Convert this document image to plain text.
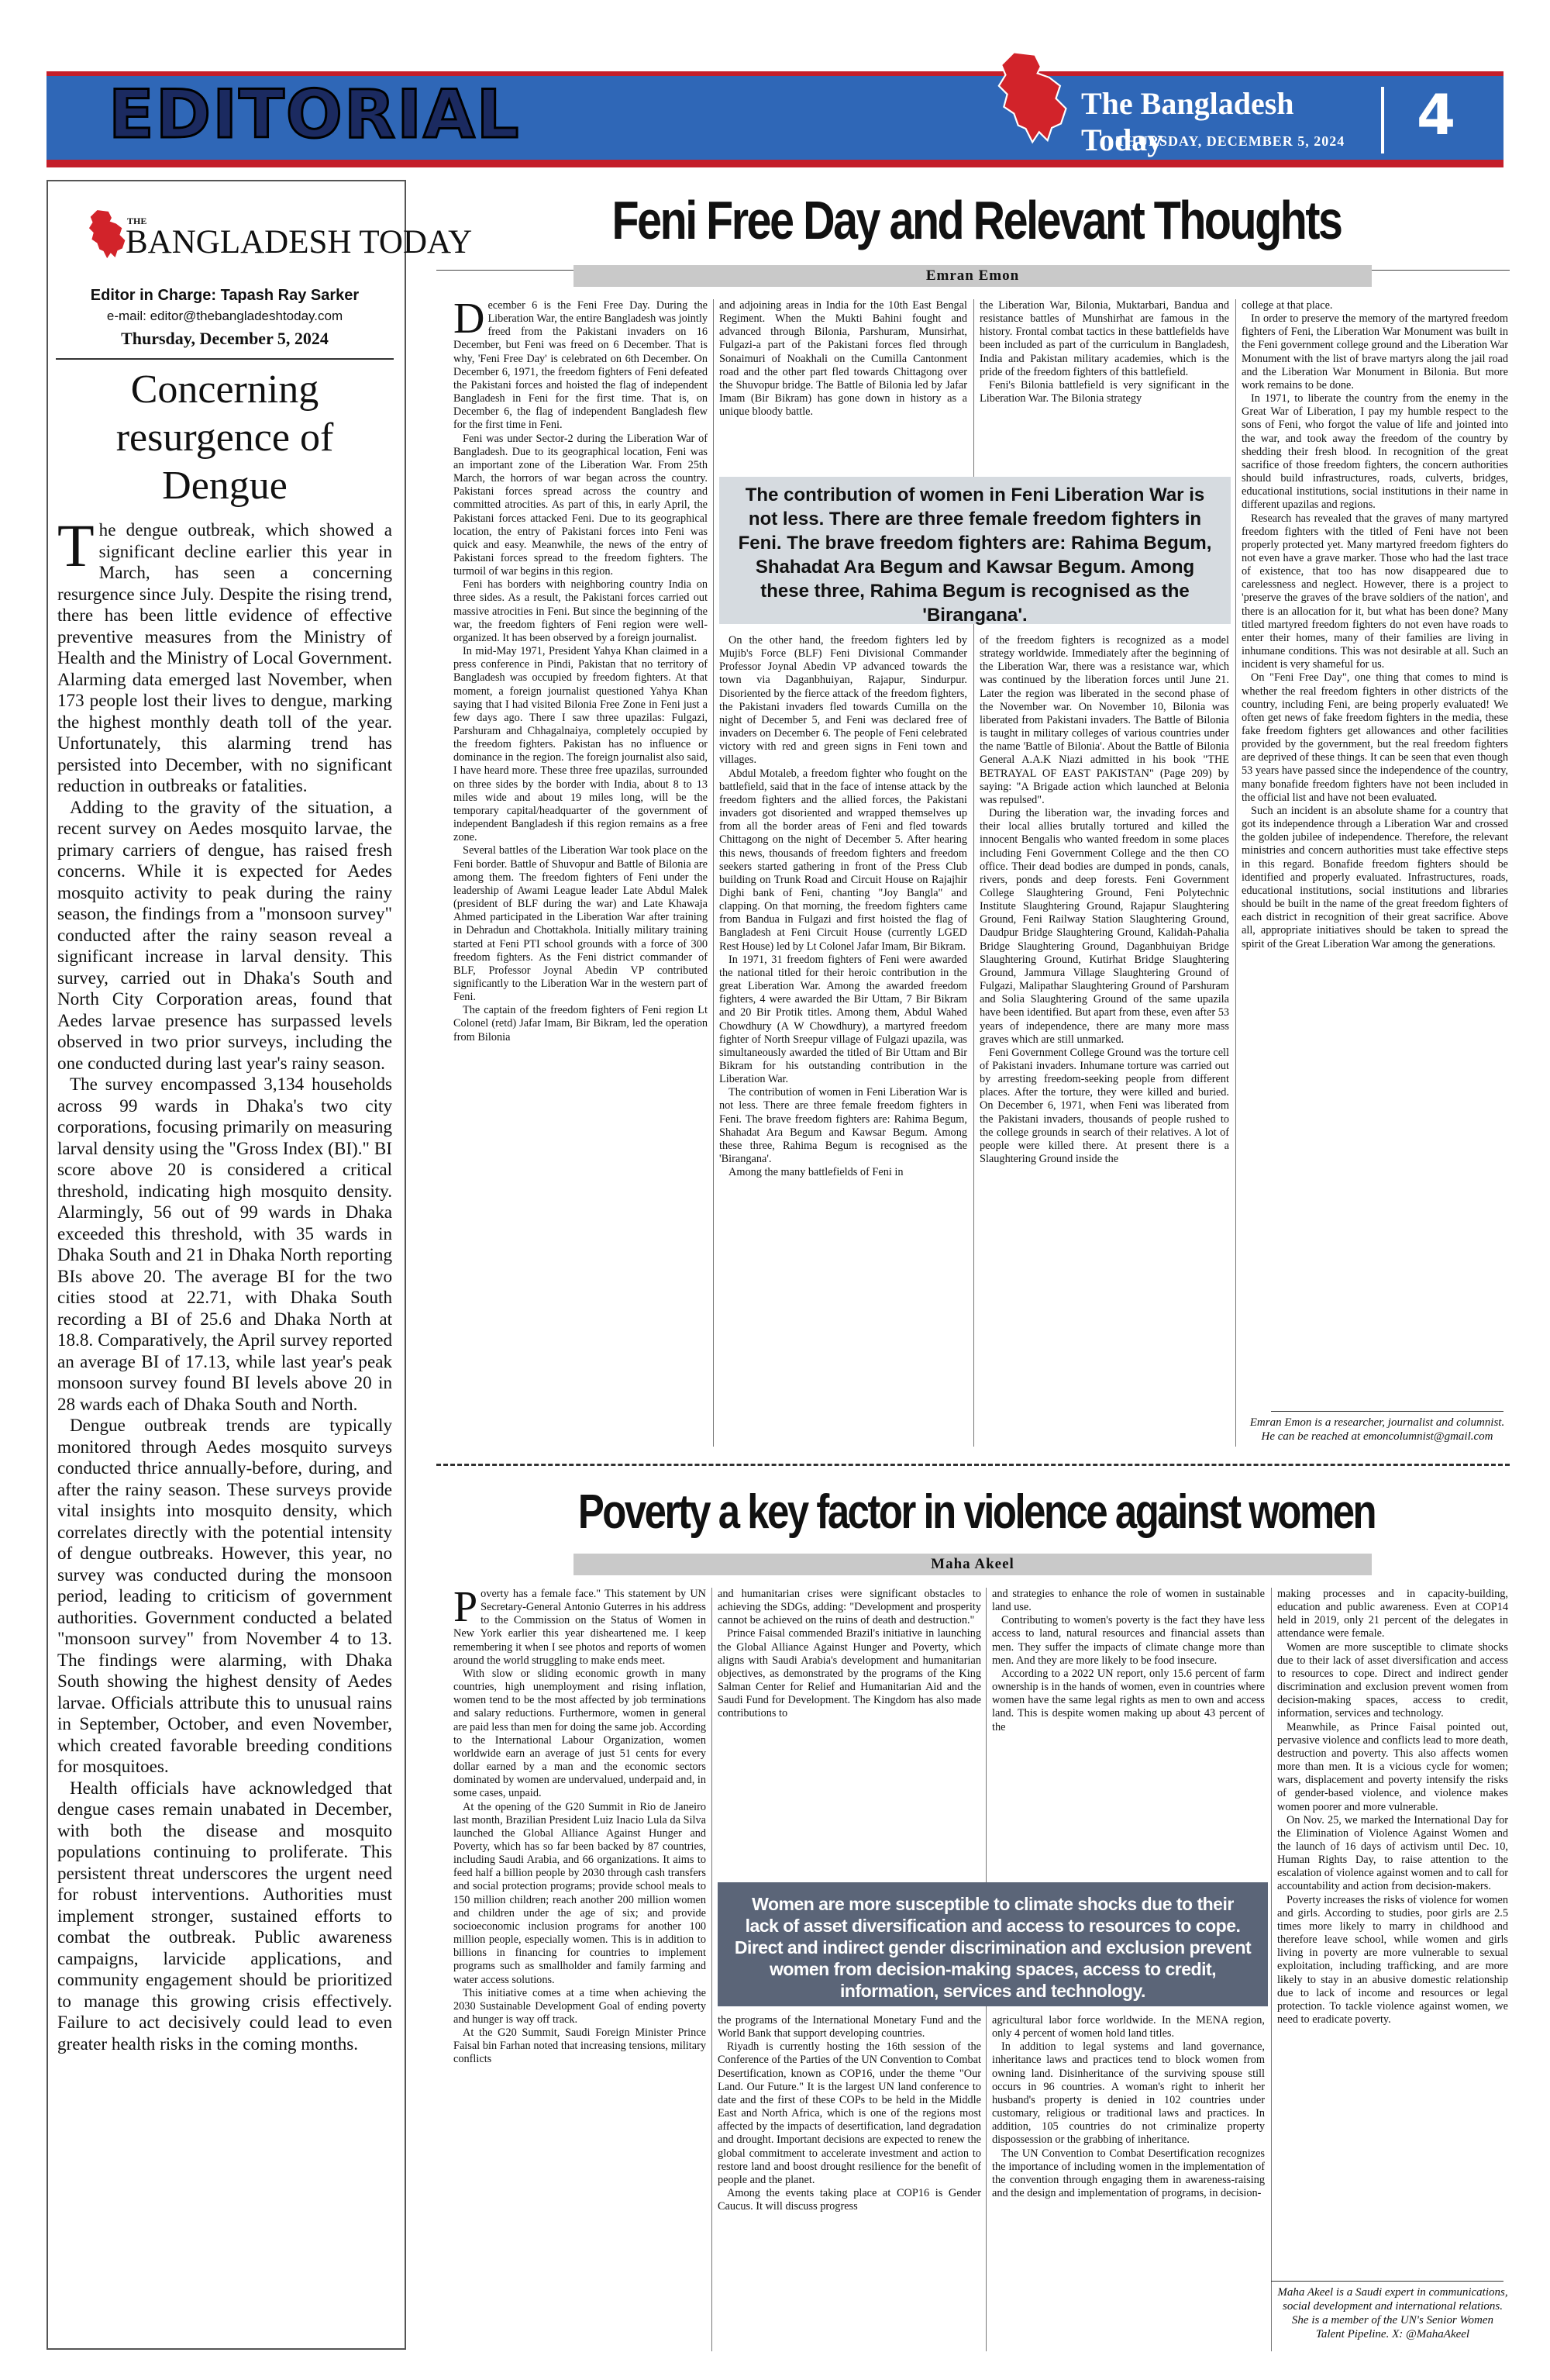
EDITORIAL	The Bangladesh Today
THURSDAY, DECEMBER 5, 2024 4
THE
BANGLADESH TODAY
Editor in Charge: Tapash Ray Sarker
e-mail: editor@thebangladeshtoday.com
Thursday, December 5, 2024
Concerning resurgence of Dengue

The dengue outbreak, which showed a significant decline earlier this year in March, has seen a concerning resurgence since July. Despite the rising trend, there has been little evidence of effective preventive measures from the Ministry of Health and the Ministry of Local Government. Alarming data emerged last November, when 173 people lost their lives to dengue, marking the highest monthly death toll of the year. Unfortunately, this alarming trend has persisted into December, with no significant reduction in outbreaks or fatalities.

Adding to the gravity of the situation, a recent survey on Aedes mosquito larvae, the primary carriers of dengue, has raised fresh concerns. While it is expected for Aedes mosquito activity to peak during the rainy season, the findings from a "monsoon survey" conducted after the rainy season reveal a significant increase in larval density. This survey, carried out in Dhaka's South and North City Corporation areas, found that Aedes larvae presence has surpassed levels observed in two prior surveys, including the one conducted during last year's rainy season.

The survey encompassed 3,134 households across 99 wards in Dhaka's two city corporations, focusing primarily on measuring larval density using the "Gross Index (BI)." BI score above 20 is considered a critical threshold, indicating high mosquito density. Alarmingly, 56 out of 99 wards in Dhaka exceeded this threshold, with 35 wards in Dhaka South and 21 in Dhaka North reporting BIs above 20. The average BI for the two cities stood at 22.71, with Dhaka South recording a BI of 25.6 and Dhaka North at 18.8. Comparatively, the April survey reported an average BI of 17.13, while last year's peak monsoon survey found BI levels above 20 in 28 wards each of Dhaka South and North.

Dengue outbreak trends are typically monitored through Aedes mosquito surveys conducted thrice annually-before, during, and after the rainy season. These surveys provide vital insights into mosquito density, which correlates directly with the potential intensity of dengue outbreaks. However, this year, no survey was conducted during the monsoon period, leading to criticism of government authorities. Government conducted a belated "monsoon survey" from November 4 to 13. The findings were alarming, with Dhaka South showing the highest density of Aedes larvae. Officials attribute this to unusual rains in September, October, and even November, which created favorable breeding conditions for mosquitoes.

Health officials have acknowledged that dengue cases remain unabated in December, with both the disease and mosquito populations continuing to proliferate. This persistent threat underscores the urgent need for robust interventions. Authorities must implement stronger, sustained efforts to combat the outbreak. Public awareness campaigns, larvicide applications, and community engagement should be prioritized to manage this growing crisis effectively. Failure to act decisively could lead to even greater health risks in the coming months.

Feni Free Day and Relevant Thoughts
Emran Emon

December 6 is the Feni Free Day. During the Liberation War, the entire Bangladesh was jointly freed from the Pakistani invaders on 16 December, but Feni was freed on 6 December. That is why, 'Feni Free Day' is celebrated on 6th December. On December 6, 1971, the freedom fighters of Feni defeated the Pakistani forces and hoisted the flag of independent Bangladesh in Feni for the first time. That is, on December 6, the flag of independent Bangladesh flew for the first time in Feni.

Feni was under Sector-2 during the Liberation War of Bangladesh. Due to its geographical location, Feni was an important zone of the Liberation War. From 25th March, the horrors of war began across the country. Pakistani forces spread across the country and committed atrocities. As part of this, in early April, the Pakistani forces attacked Feni. Due to its geographical location, the entry of Pakistani forces into Feni was quick and easy. Meanwhile, the news of the entry of Pakistani forces spread to the freedom fighters. The turmoil of war begins in this region.

Feni has borders with neighboring country India on three sides. As a result, the Pakistani forces carried out massive atrocities in Feni. But since the beginning of the war, the freedom fighters of Feni region were well-organized. It has been observed by a foreign journalist.

In mid-May 1971, President Yahya Khan claimed in a press conference in Pindi, Pakistan that no territory of Bangladesh was occupied by freedom fighters. At that moment, a foreign journalist questioned Yahya Khan saying that I had visited Bilonia Free Zone in Feni just a few days ago. There I saw three upazilas: Fulgazi, Parshuram and Chhagalnaiya, completely occupied by the freedom fighters. Pakistan has no influence or dominance in the region. The foreign journalist also said, I have heard more. These three free upazilas, surrounded on three sides by the border with India, about 8 to 13 miles wide and about 19 miles long, will be the temporary capital/headquarter of the government of independent Bangladesh if this region remains as a free zone.

Several battles of the Liberation War took place on the Feni border. Battle of Shuvopur and Battle of Bilonia are among them. The freedom fighters of Feni under the leadership of Awami League leader Late Abdul Malek (president of BLF during the war) and Late Khawaja Ahmed participated in the Liberation War after training in Dehradun and Chottakhola. Initially military training started at Feni PTI school grounds with a force of 300 freedom fighters. As the Feni district commander of BLF, Professor Joynal Abedin VP contributed significantly to the Liberation War in the western part of Feni.

The captain of the freedom fighters of Feni region Lt Colonel (retd) Jafar Imam, Bir Bikram, led the operation from Bilonia

and adjoining areas in India for the 10th East Bengal Regiment. When the Mukti Bahini fought and advanced through Bilonia, Parshuram, Munsirhat, Fulgazi-a part of the Pakistani forces fled through Sonaimuri of Noakhali on the Cumilla Cantonment road and the other part fled towards Chittagong over the Shuvopur bridge. The Battle of Bilonia led by Jafar Imam (Bir Bikram) has gone down in history as a unique bloody battle.

the Liberation War, Bilonia, Muktarbari, Bandua and resistance battles of Munshirhat are famous in the history. Frontal combat tactics in these battlefields have been included as part of the curriculum in Bangladesh, India and Pakistan military academies, which is the pride of the freedom fighters of this battlefield.

Feni's Bilonia battlefield is very significant in the Liberation War. The Bilonia strategy

The contribution of women in Feni Liberation War is not less. There are three female freedom fighters in Feni. The brave freedom fighters are: Rahima Begum, Shahadat Ara Begum and Kawsar Begum. Among these three, Rahima Begum is recognised as the 'Birangana'.

On the other hand, the freedom fighters led by Mujib's Force (BLF) Feni Divisional Commander Professor Joynal Abedin VP advanced towards the town via Daganbhuiyan, Rajapur, Sindurpur. Disoriented by the fierce attack of the freedom fighters, the Pakistani invaders fled towards Cumilla on the night of December 5, and Feni was declared free of invaders on December 6. The people of Feni celebrated victory with red and green signs in Feni town and villages.

Abdul Motaleb, a freedom fighter who fought on the battlefield, said that in the face of intense attack by the freedom fighters and the allied forces, the Pakistani invaders got disoriented and wrapped themselves up from all the border areas of Feni and fled towards Chittagong on the night of December 5. After hearing this news, thousands of freedom fighters and freedom seekers started gathering in front of the Press Club building on Trunk Road and Circuit House on Rajajhir Dighi bank of Feni, chanting "Joy Bangla" and clapping. On that morning, the freedom fighters came from Bandua in Fulgazi and first hoisted the flag of Bangladesh at Feni Circuit House (currently LGED Rest House) led by Lt Colonel Jafar Imam, Bir Bikram.

In 1971, 31 freedom fighters of Feni were awarded the national titled for their heroic contribution in the great Liberation War. Among the awarded freedom fighters, 4 were awarded the Bir Uttam, 7 Bir Bikram and 20 Bir Protik titles. Among them, Abdul Wahed Chowdhury (A W Chowdhury), a martyred freedom fighter of North Sreepur village of Fulgazi upazila, was simultaneously awarded the titled of Bir Uttam and Bir Bikram for his outstanding contribution in the Liberation War.

The contribution of women in Feni Liberation War is not less. There are three female freedom fighters in Feni. The brave freedom fighters are: Rahima Begum, Shahadat Ara Begum and Kawsar Begum. Among these three, Rahima Begum is recognised as the 'Birangana'.

Among the many battlefields of Feni in

of the freedom fighters is recognized as a model strategy worldwide. Immediately after the beginning of the Liberation War, there was a resistance war, which was continued by the liberation forces until June 21. Later the region was liberated in the second phase of the November war. On November 10, Bilonia was liberated from Pakistani invaders. The Battle of Bilonia is taught in military colleges of various countries under the name 'Battle of Bilonia'. About the Battle of Bilonia General A.A.K Niazi admitted in his book "THE BETRAYAL OF EAST PAKISTAN" (Page 209) by saying: "A Brigade action which launched at Belonia was repulsed".

During the liberation war, the invading forces and their local allies brutally tortured and killed the innocent Bengalis who wanted freedom in some places including Feni Government College and the then CO office. Their dead bodies are dumped in ponds, canals, rivers, ponds and deep forests. Feni Government College Slaughtering Ground, Feni Polytechnic Institute Slaughtering Ground, Rajapur Slaughtering Ground, Feni Railway Station Slaughtering Ground, Daudpur Bridge Slaughtering Ground, Kalidah-Pahalia Bridge Slaughtering Ground, Daganbhuiyan Bridge Slaughtering Ground, Kutirhat Bridge Slaughtering Ground, Jammura Village Slaughtering Ground of Fulgazi, Malipathar Slaughtering Ground of Parshuram and Solia Slaughtering Ground of the same upazila have been identified. But apart from these, even after 53 years of independence, there are many more mass graves which are still unmarked.

Feni Government College Ground was the torture cell of Pakistani invaders. Inhumane torture was carried out by arresting freedom-seeking people from different places. After the torture, they were killed and buried. On December 6, 1971, when Feni was liberated from the Pakistani invaders, thousands of people rushed to the college grounds in search of their relatives. A lot of people were killed there. At present there is a Slaughtering Ground inside the

college at that place.

In order to preserve the memory of the martyred freedom fighters of Feni, the Liberation War Monument was built in the Feni government college ground and the Liberation War Monument with the list of brave martyrs along the jail road and the Liberation War Monument in Bilonia. But more work remains to be done.

In 1971, to liberate the country from the enemy in the Great War of Liberation, I pay my humble respect to the sons of Feni, who forgot the value of life and jointed into the war, and took away the freedom of the country by shedding their fresh blood. In recognition of the great sacrifice of those freedom fighters, the concern authorities should build infrastructures, roads, culverts, bridges, educational institutions, social institutions in their name in different upazilas and regions.

Research has revealed that the graves of many martyred freedom fighters with the titled of Feni have not been properly protected yet. Many martyred freedom fighters do not even have a grave marker. Those who had the last trace of existence, that too has now disappeared due to carelessness and neglect. However, there is a project to 'preserve the graves of the brave soldiers of the nation', and there is an allocation for it, but what has been done? Many titled martyred freedom fighters do not even have roads to enter their homes, many of their families are living in inhumane conditions. This was not desirable at all. Such an incident is very shameful for us.

On "Feni Free Day", one thing that comes to mind is whether the real freedom fighters in other districts of the country, including Feni, are being properly evaluated! We often get news of fake freedom fighters in the media, these fake freedom fighters get allowances and other facilities provided by the government, but the real freedom fighters are deprived of these things. It can be seen that even though 53 years have passed since the independence of the country, many bonafide freedom fighters have not been included in the official list and have not been evaluated.

Such an incident is an absolute shame for a country that got its independence through a Liberation War and crossed the golden jubilee of independence. Therefore, the relevant ministries and concern authorities must take effective steps in this regard. Bonafide freedom fighters should be identified and properly evaluated. Infrastructures, roads, educational institutions, social institutions and libraries should be built in the name of the great freedom fighters of each district in recognition of their great sacrifice. Above all, appropriate initiatives should be taken to spread the spirit of the Great Liberation War among the generations.

Emran Emon is a researcher, journalist and columnist. He can be reached at emoncolumnist@gmail.com
Poverty a key factor in violence against women
Maha Akeel

Poverty has a female face." This statement by UN Secretary-General Antonio Guterres in his address to the Commission on the Status of Women in New York earlier this year disheartened me. I keep remembering it when I see photos and reports of women around the world struggling to make ends meet.

With slow or sliding economic growth in many countries, high unemployment and rising inflation, women tend to be the most affected by job terminations and salary reductions. Furthermore, women in general are paid less than men for doing the same job. According to the International Labour Organization, women worldwide earn an average of just 51 cents for every dollar earned by a man and the economic sectors dominated by women are undervalued, underpaid and, in some cases, unpaid.

At the opening of the G20 Summit in Rio de Janeiro last month, Brazilian President Luiz Inacio Lula da Silva launched the Global Alliance Against Hunger and Poverty, which has so far been backed by 87 countries, including Saudi Arabia, and 66 organizations. It aims to feed half a billion people by 2030 through cash transfers and social protection programs; provide school meals to 150 million children; reach another 200 million women and children under the age of six; and provide socioeconomic inclusion programs for another 100 million people, especially women. This is in addition to billions in financing for countries to implement programs such as smallholder and family farming and water access solutions.

This initiative comes at a time when achieving the 2030 Sustainable Development Goal of ending poverty and hunger is way off track.

At the G20 Summit, Saudi Foreign Minister Prince Faisal bin Farhan noted that increasing tensions, military conflicts

and humanitarian crises were significant obstacles to achieving the SDGs, adding: "Development and prosperity cannot be achieved on the ruins of death and destruction."

Prince Faisal commended Brazil's initiative in launching the Global Alliance Against Hunger and Poverty, which aligns with Saudi Arabia's development and humanitarian objectives, as demonstrated by the programs of the King Salman Center for Relief and Humanitarian Aid and the Saudi Fund for Development. The Kingdom has also made contributions to

and strategies to enhance the role of women in sustainable land use.

Contributing to women's poverty is the fact they have less access to land, natural resources and financial assets than men. They suffer the impacts of climate change more than men. And they are more likely to be food insecure.

According to a 2022 UN report, only 15.6 percent of farm ownership is in the hands of women, even in countries where women have the same legal rights as men to own and access land. This is despite women making up about 43 percent of the

Women are more susceptible to climate shocks due to their lack of asset diversification and access to resources to cope. Direct and indirect gender discrimination and exclusion prevent women from decision-making spaces, access to credit, information, services and technology.

the programs of the International Monetary Fund and the World Bank that support developing countries.

Riyadh is currently hosting the 16th session of the Conference of the Parties of the UN Convention to Combat Desertification, known as COP16, under the theme "Our Land. Our Future." It is the largest UN land conference to date and the first of these COPs to be held in the Middle East and North Africa, which is one of the regions most affected by the impacts of desertification, land degradation and drought. Important decisions are expected to renew the global commitment to accelerate investment and action to restore land and boost drought resilience for the benefit of people and the planet.

Among the events taking place at COP16 is Gender Caucus. It will discuss progress

agricultural labor force worldwide. In the MENA region, only 4 percent of women hold land titles.

In addition to legal systems and land governance, inheritance laws and practices tend to block women from owning land. Disinheritance of the surviving spouse still occurs in 96 countries. A woman's right to inherit her husband's property is denied in 102 countries under customary, religious or traditional laws and practices. In addition, 105 countries do not criminalize property dispossession or the grabbing of inheritance.

The UN Convention to Combat Desertification recognizes the importance of including women in the implementation of the convention through engaging them in awareness-raising and the design and implementation of programs, in decision-

making processes and in capacity-building, education and public awareness. Even at COP14 held in 2019, only 21 percent of the delegates in attendance were female.

Women are more susceptible to climate shocks due to their lack of asset diversification and access to resources to cope. Direct and indirect gender discrimination and exclusion prevent women from decision-making spaces, access to credit, information, services and technology.

Meanwhile, as Prince Faisal pointed out, pervasive violence and conflicts lead to more death, destruction and poverty. This also affects women more than men. It is a vicious cycle for women; wars, displacement and poverty intensify the risks of gender-based violence, and violence makes women poorer and more vulnerable.

On Nov. 25, we marked the International Day for the Elimination of Violence Against Women and the launch of 16 days of activism until Dec. 10, Human Rights Day, to raise attention to the escalation of violence against women and to call for accountability and action from decision-makers.

Poverty increases the risks of violence for women and girls. According to studies, poor girls are 2.5 times more likely to marry in childhood and therefore leave school, while women and girls living in poverty are more vulnerable to sexual exploitation, including trafficking, and are more likely to stay in an abusive domestic relationship due to lack of income and resources or legal protection. To tackle violence against women, we need to eradicate poverty.

Maha Akeel is a Saudi expert in communications, social development and international relations. She is a member of the UN's Senior Women Talent Pipeline. X: @MahaAkeel
